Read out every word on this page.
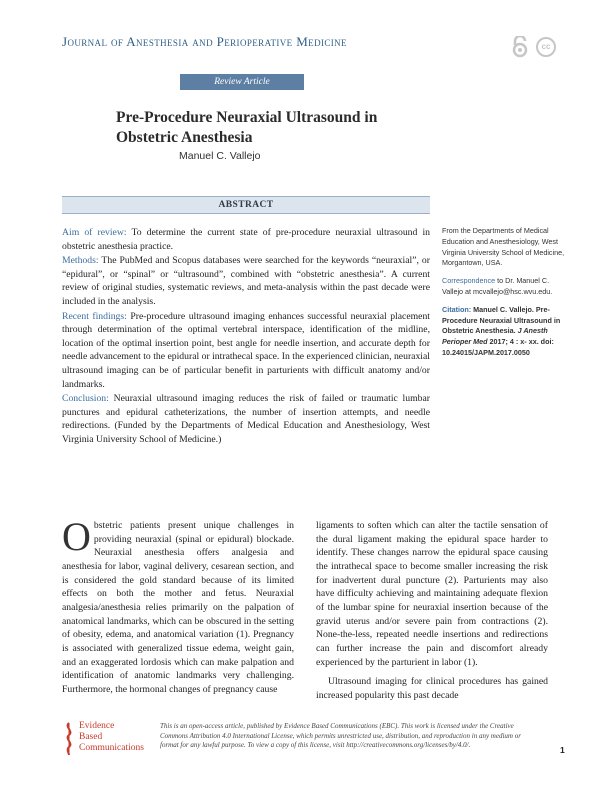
Journal of Anesthesia and Perioperative Medicine	cc
Review Article
Pre-Procedure Neuraxial Ultrasound in Obstetric Anesthesia
Manuel C. Vallejo
ABSTRACT

Aim of review: To determine the current state of pre-procedure neuraxial ultrasound in obstetric anesthesia practice.

Methods: The PubMed and Scopus databases were searched for the keywords “neuraxial”, or “epidural”, or “spinal” or “ultrasound”, combined with “obstetric anesthesia”. A current review of original studies, systematic reviews, and meta-analysis within the past decade were included in the analysis.

Recent findings: Pre-procedure ultrasound imaging enhances successful neuraxial placement through determination of the optimal vertebral interspace, identification of the midline, location of the optimal insertion point, best angle for needle insertion, and accurate depth for needle advancement to the epidural or intrathecal space. In the experienced clinician, neuraxial ultrasound imaging can be of particular benefit in parturients with difficult anatomy and/or landmarks.

Conclusion: Neuraxial ultrasound imaging reduces the risk of failed or traumatic lumbar punctures and epidural catheterizations, the number of insertion attempts, and needle redirections. (Funded by the Departments of Medical Education and Anesthesiology, West Virginia University School of Medicine.)

From the Departments of Medical Education and Anesthesiology, West Virginia University School of Medicine, Morgantown, USA.
Correspondence to Dr. Manuel C. Vallejo at mcvallejo@hsc.wvu.edu.
Citation: Manuel C. Vallejo. Pre-Procedure Neuraxial Ultrasound in Obstetric Anesthesia. J Anesth Perioper Med 2017; 4 : x- xx. doi: 10.24015/JAPM.2017.0050
Obstetric patients present unique challenges in providing neuraxial (spinal or epidural) blockade. Neuraxial anesthesia offers analgesia and anesthesia for labor, vaginal delivery, cesarean section, and is considered the gold standard because of its limited effects on both the mother and fetus. Neuraxial analgesia/anesthesia relies primarily on the palpation of anatomical landmarks, which can be obscured in the setting of obesity, edema, and anatomical variation (1). Pregnancy is associated with generalized tissue edema, weight gain, and an exaggerated lordosis which can make palpation and identification of anatomic landmarks very challenging. Furthermore, the hormonal changes of pregnancy cause
ligaments to soften which can alter the tactile sensation of the dural ligament making the epidural space harder to identify. These changes narrow the epidural space causing the intrathecal space to become smaller increasing the risk for inadvertent dural puncture (2). Parturients may also have difficulty achieving and maintaining adequate flexion of the lumbar spine for neuraxial insertion because of the gravid uterus and/or severe pain from contractions (2). None-the-less, repeated needle insertions and redirections can further increase the pain and discomfort already experienced by the parturient in labor (1).
Ultrasound imaging for clinical procedures has gained increased popularity this past decade
Evidence
Based
Communications
This is an open-access article, published by Evidence Based Communications (EBC). This work is licensed under the Creative Commons Attribution 4.0 International License, which permits unrestricted use, distribution, and reproduction in any medium or format for any lawful purpose. To view a copy of this license, visit http://creativecommons.org/licenses/by/4.0/.	1
